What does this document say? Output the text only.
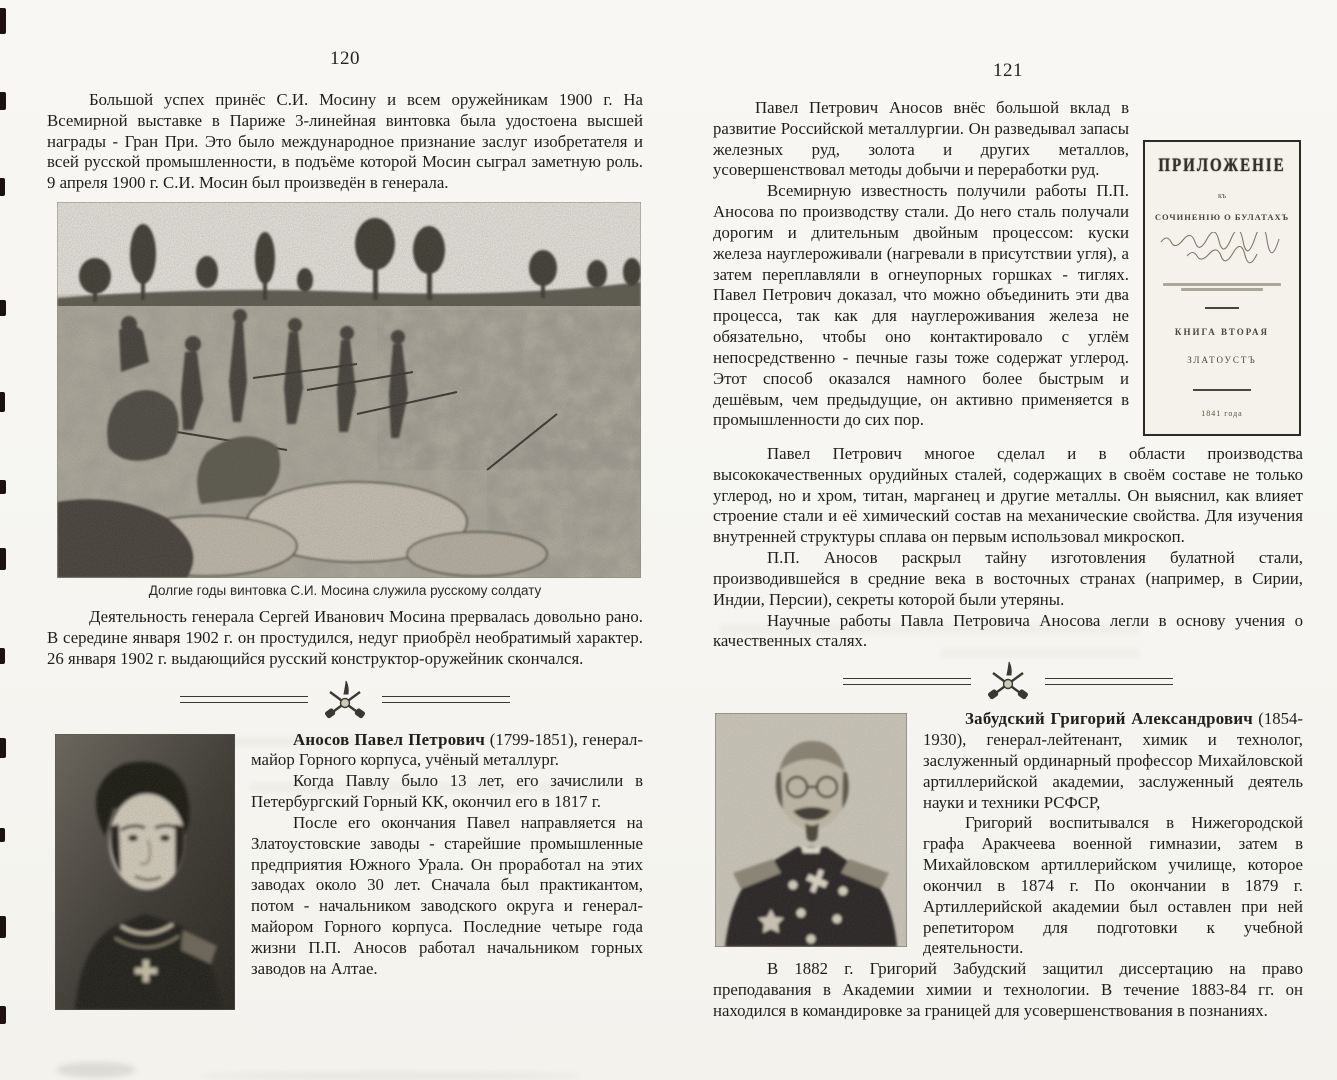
120

Большой успех принёс С.И. Мосину и всем оружейникам 1900 г. На Всемирной выставке в Париже 3-линейная винтовка была удостоена высшей награды - Гран При. Это было международное признание заслуг изобретателя и всей русской промышленности, в подъёме которой Мосин сыграл заметную роль. 9 апреля 1900 г. С.И. Мосин был произведён в генерала.

Долгие годы винтовка С.И. Мосина служила русскому солдату

Деятельность генерала Сергей Иванович Мосина прервалась довольно рано. В середине января 1902 г. он простудился, недуг приобрёл необратимый характер. 26 января 1902 г. выдающийся русский конструктор-оружейник скончался.

Аносов Павел Петрович (1799-1851), генерал-майор Горного корпуса, учёный металлург.

Когда Павлу было 13 лет, его зачислили в Петербургский Горный КК, окончил его в 1817 г.

После его окончания Павел направляется на Златоустовские заводы - старейшие промышленные предприятия Южного Урала. Он проработал на этих заводах около 30 лет. Сначала был практикантом, потом - начальником заводского округа и генерал-майором Горного корпуса. Последние четыре года жизни П.П. Аносов работал начальником горных заводов на Алтае.

121
ПРИЛОЖЕНІЕ
къ
СОЧИНЕНІЮ О БУЛАТАХЪ
КНИГА ВТОРАЯ
ЗЛАТОУСТЪ
1841 года

Павел Петрович Аносов внёс большой вклад в развитие Российской металлургии. Он разведывал запасы железных руд, золота и других металлов, усовершенствовал методы добычи и переработки руд.

Всемирную известность получили работы П.П. Аносова по производству стали. До него сталь получали дорогим и длительным двойным процессом: куски железа науглероживали (нагревали в присутствии угля), а затем переплавляли в огнеупорных горшках - тиглях. Павел Петрович доказал, что можно объединить эти два процесса, так как для науглероживания железа не обязательно, чтобы оно контактировало с углём непосредственно - печные газы тоже содержат углерод. Этот способ оказался намного более быстрым и дешёвым, чем предыдущие, он активно применяется в промышленности до сих пор.

Павел Петрович многое сделал и в области производства высококачественных орудийных сталей, содержащих в своём составе не только углерод, но и хром, титан, марганец и другие металлы. Он выяснил, как влияет строение стали и её химический состав на механические свойства. Для изучения внутренней структуры сплава он первым использовал микроскоп.

П.П. Аносов раскрыл тайну изготовления булатной стали, производившейся в средние века в восточных странах (например, в Сирии, Индии, Персии), секреты которой были утеряны.

Научные работы Павла Петровича Аносова легли в основу учения о качественных сталях.

Забудский Григорий Александрович (1854-1930), генерал-лейтенант, химик и технолог, заслуженный ординарный профессор Михайловской артиллерийской академии, заслуженный деятель науки и техники РСФСР,

Григорий воспитывался в Нижегородской графа Аракчеева военной гимназии, затем в Михайловском артиллерийском училище, которое окончил в 1874 г. По окончании в 1879 г. Артиллерийской академии был оставлен при ней репетитором для подготовки к учебной деятельности.

В 1882 г. Григорий Забудский защитил диссертацию на право преподавания в Академии химии и технологии. В течение 1883-84 гг. он находился в командировке за границей для усовершенствования в познаниях.
